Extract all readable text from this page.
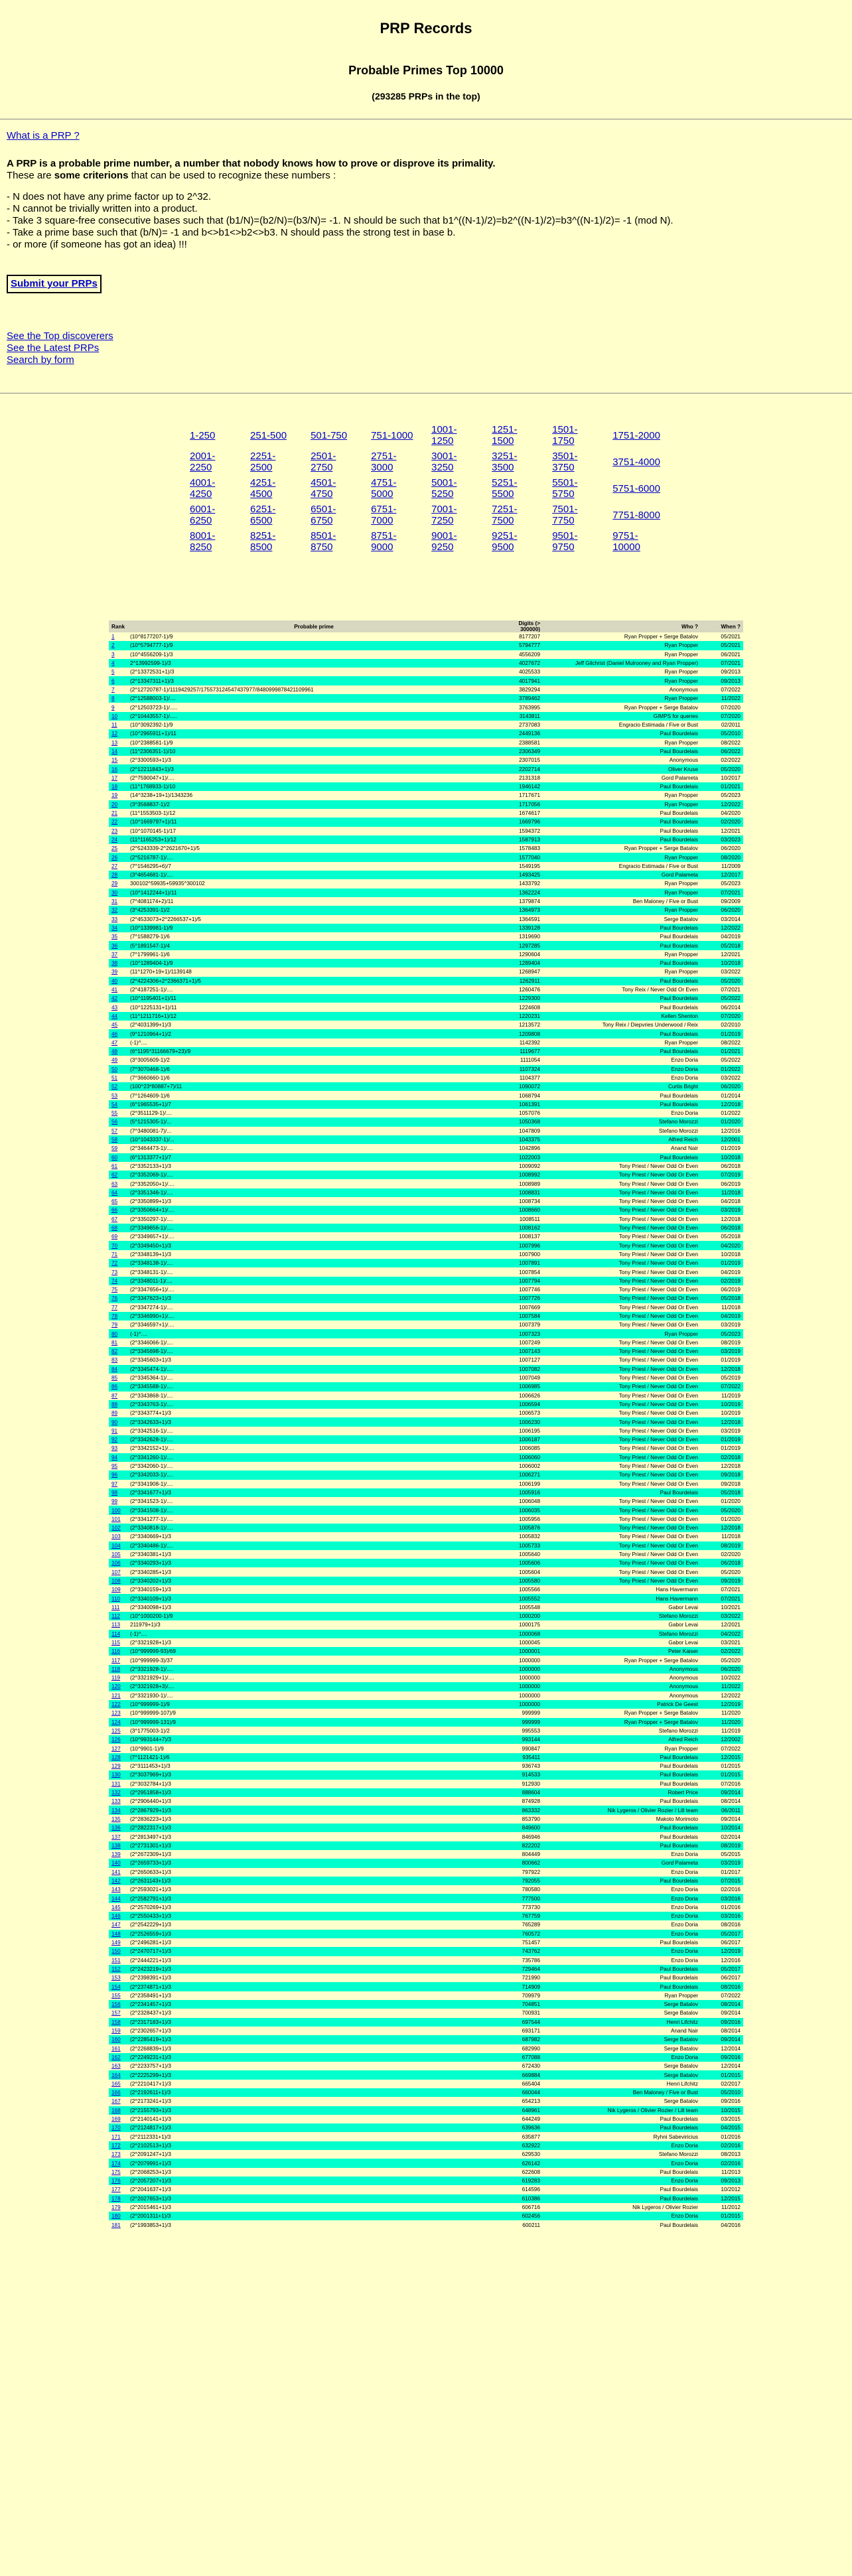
PRP Records
Probable Primes Top 10000
(293285 PRPs in the top)
What is a PRP ?

A PRP is a probable prime number, a number that nobody knows how to prove or disprove its primality.

These are some criterions that can be used to recognize these numbers :

- N does not have any prime factor up to 2^32.
- N cannot be trivially written into a product.
- Take 3 square-free consecutive bases such that (b1/N)=(b2/N)=(b3/N)= -1. N should be such that b1^((N-1)/2)=b2^((N-1)/2)=b3^((N-1)/2)= -1 (mod N).
- Take a prime base such that (b/N)= -1 and b<>b1<>b2<>b3. N should pass the strong test in base b.
- or more (if someone has got an idea) !!!
Submit your PRPs
See the Top discoverers
See the Latest PRPs
Search by form
1-250	251-500	501-750	751-1000	1001-1250	1251-1500	1501-1750	1751-2000
2001-2250	2251-2500	2501-2750	2751-3000	3001-3250	3251-3500	3501-3750	3751-4000
4001-4250	4251-4500	4501-4750	4751-5000	5001-5250	5251-5500	5501-5750	5751-6000
6001-6250	6251-6500	6501-6750	6751-7000	7001-7250	7251-7500	7501-7750	7751-8000
8001-8250	8251-8500	8501-8750	8751-9000	9001-9250	9251-9500	9501-9750	9751-10000
Rank	Probable prime	Digits (> 300000)	Who ?	When ?
1	(10^8177207-1)/9	8177207	Ryan Propper + Serge Batalov	05/2021
2	(10^5794777-1)/9	5794777	Ryan Propper	05/2021
3	(10^4556209-1)/3	4556209	Ryan Propper	06/2021
4	2^13992599-1)/3	4027672	Jeff Gilchrist (Daniel Mulrooney and Ryan Propper)	07/2021
5	(2^13372531+1)/3	4025533	Ryan Propper	09/2013
6	(2^13347311+1)/3	4017941	Ryan Propper	09/2013
7	(2^12720787-1)/1119429257/175573124547437977/8480999878421109961	3829294	Anonymous	07/2022
8	(2^12588003-1)/....	3789462	Ryan Propper	11/2022
9	(2^12503723-1)/.....	3763995	Ryan Propper + Serge Batalov	07/2020
10	(2^10443557-1)/.....	3143811	GIMPS for queries	07/2020
11	(10^3092392-1)/9	2737083	Engracio Estimada / Five or Bust	02/2011
12	(10^2965911+1)/11	2449136	Paul Bourdelais	05/2010
13	(10^2388581-1)/9	2388581	Ryan Propper	08/2022
14	(11^2306351-1)/10	2306349	Paul Bourdelais	06/2022
15	(2^3300593+1)/3	2307015	Anonymous	02/2022
16	(2^12211843+1)/3	2202714	Oliver Kruse	05/2020
17	(2^7590047+1)/....	2131318	Gord Palameta	10/2017
18	(11^1768933-1)/10	1946142	Paul Bourdelais	01/2021
19	(14^3238+19+1)/1343236	1717671	Ryan Propper	05/2023
20	(3^3568837-1)/2	1717056	Ryan Propper	12/2022
21	(11^1553503-1)/12	1674617	Paul Bourdelais	04/2020
22	(10^1669797+1)/11	1669796	Paul Bourdelais	02/2020
23	(10^1070145-1)/17	1594372	Paul Bourdelais	12/2021
24	(11^1165253+1)/12	1587913	Paul Bourdelais	03/2023
25	(2^5243339-2^2621670+1)/5	1578483	Ryan Propper + Serge Batalov	06/2020
26	(2^5216787-1)/....	1577040	Ryan Propper	08/2020
27	(7^1546295+6)/7	1549195	Engracio Estimada / Five or Bust	11/2009
28	(3^4654681-1)/....	1493425	Gord Palameta	12/2017
29	300102^59935+59935^300102	1433792	Ryan Propper	05/2023
30	(10^1412244+1)/11	1362224	Ryan Propper	07/2021
31	(7^4081174+2)/11	1379874	Ben Maloney / Five or Bust	09/2009
32	(3^4253391-1)/2	1364973	Ryan Propper	06/2020
33	(2^4533073+2^2266537+1)/5	1364591	Serge Batalov	03/2014
34	(10^1339981-1)/9	1339128	Paul Bourdelais	12/2022
35	(7^1588279-1)/6	1319690	Paul Bourdelais	04/2019
36	(5^1891547-1)/4	1297285	Paul Bourdelais	05/2018
37	(7^1799961-1)/6	1290604	Ryan Propper	12/2021
38	(10^1289404-1)/9	1289404	Paul Bourdelais	10/2018
39	(11^1270+19+1)/1139148	1268947	Ryan Propper	03/2022
40	(2^4224306+2^2366371+1)/5	1262911	Paul Bourdelais	05/2020
41	(2^4187251-1)/....	1260476	Tony Reix / Never Odd Or Even	07/2021
42	(10^1195401+1)/11	1229300	Paul Bourdelais	05/2022
43	(10^1225131+1)/11	1224608	Paul Bourdelais	06/2014
44	(11^1211716+1)/12	1220231	Kellen Shenton	07/2020
45	(2^4031399+1)/3	1213572	Tony Reix / Diepvries Underwood / Reix	02/2010
46	(9^1210964+1)/2	1209808	Paul Bourdelais	01/2019
47	(-1)^....	1142392	Ryan Propper	08/2022
48	(6^1195*31166679+23)/9	1119677	Paul Bourdelais	01/2021
49	(3^3005609-1)/2	1111054	Enzo Doria	05/2022
50	(7^3070468-1)/6	1107324	Enzo Doria	01/2022
51	(7^3660660-1)/6	1104377	Enzo Doria	03/2022
52	(100^23*80887+7)/11	1090072	Curtis Bright	06/2020
53	(7^1264609-1)/6	1068794	Paul Bourdelais	01/2014
54	(6^1965535+1)/7	1061391	Paul Bourdelais	12/2018
55	(2^3511129-1)/....	1057076	Enzo Doria	01/2022
56	(5^1215305-1)/...	1050368	Stefano Morozzi	01/2020
57	(7^3480081-7)/...	1047809	Stefano Morozzi	12/2016
58	(10^1043337-1)/...	1043375	Alfred Reich	12/2001
59	(2^3464473-1)/....	1042896	Anand Nair	01/2019
60	(6^1313377+1)/7	1022003	Paul Bourdelais	10/2018
61	(2^3352133+1)/3	1009092	Tony Priest / Never Odd Or Even	06/2018
62	(2^3352069-1)/....	1008992	Tony Priest / Never Odd Or Even	07/2019
63	(2^3352050+1)/....	1008989	Tony Priest / Never Odd Or Even	06/2019
64	(2^3351346-1)/....	1008831	Tony Priest / Never Odd Or Even	11/2018
65	(2^3350899+1)/3	1008734	Tony Priest / Never Odd Or Even	04/2018
66	(2^3350664+1)/....	1008660	Tony Priest / Never Odd Or Even	03/2019
67	(2^3350297-1)/....	1008511	Tony Priest / Never Odd Or Even	12/2018
68	(2^3349656-1)/....	1008162	Tony Priest / Never Odd Or Even	06/2018
69	(2^3349657+1)/....	1008137	Tony Priest / Never Odd Or Even	05/2018
70	(2^3349450+1)/3	1007996	Tony Priest / Never Odd Or Even	04/2020
71	(2^3348139+1)/3	1007900	Tony Priest / Never Odd Or Even	10/2018
72	(2^3348138-1)/....	1007891	Tony Priest / Never Odd Or Even	01/2019
73	(2^3348131-1)/....	1007854	Tony Priest / Never Odd Or Even	04/2019
74	(2^3348011-1)/....	1007794	Tony Priest / Never Odd Or Even	02/2019
75	(2^3347656+1)/....	1007746	Tony Priest / Never Odd Or Even	06/2019
76	(2^3347623+1)/3	1007726	Tony Priest / Never Odd Or Even	05/2018
77	(2^3347274-1)/....	1007669	Tony Priest / Never Odd Or Even	11/2018
78	(2^3346990+1)/....	1007584	Tony Priest / Never Odd Or Even	04/2019
79	(2^3346597+1)/....	1007379	Tony Priest / Never Odd Or Even	03/2019
80	(-1)^....	1007323	Ryan Propper	05/2023
81	(2^3346066-1)/....	1007249	Tony Priest / Never Odd Or Even	08/2019
82	(2^3345698-1)/....	1007143	Tony Priest / Never Odd Or Even	03/2019
83	(2^3345603+1)/3	1007127	Tony Priest / Never Odd Or Even	01/2019
84	(2^3345474-1)/....	1007082	Tony Priest / Never Odd Or Even	12/2018
85	(2^3345364-1)/....	1007049	Tony Priest / Never Odd Or Even	05/2019
86	(2^3345588-1)/....	1006985	Tony Priest / Never Odd Or Even	07/2022
87	(2^3343868-1)/....	1006626	Tony Priest / Never Odd Or Even	11/2019
88	(2^3343763-1)/....	1006594	Tony Priest / Never Odd Or Even	10/2019
89	(2^3343774+1)/3	1006573	Tony Priest / Never Odd Or Even	10/2019
90	(2^3342633+1)/3	1006230	Tony Priest / Never Odd Or Even	12/2018
91	(2^3342516-1)/....	1006195	Tony Priest / Never Odd Or Even	03/2019
92	(2^3342628-1)/....	1006187	Tony Priest / Never Odd Or Even	01/2019
93	(2^3342152+1)/....	1006085	Tony Priest / Never Odd Or Even	01/2019
94	(2^3341260-1)/....	1006060	Tony Priest / Never Odd Or Even	02/2018
95	(2^3342060-1)/....	1006002	Tony Priest / Never Odd Or Even	12/2018
96	(2^3342033-1)/....	1006271	Tony Priest / Never Odd Or Even	09/2018
97	(2^3341908-1)/....	1006199	Tony Priest / Never Odd Or Even	09/2018
98	(2^3341677+1)/3	1005916	Paul Bourdelais	05/2018
99	(2^3341523-1)/....	1006048	Tony Priest / Never Odd Or Even	01/2020
100	(2^3341508-1)/....	1006035	Tony Priest / Never Odd Or Even	05/2020
101	(2^3341277-1)/....	1005956	Tony Priest / Never Odd Or Even	01/2020
102	(2^3340818-1)/....	1005876	Tony Priest / Never Odd Or Even	12/2018
103	(2^3340669+1)/3	1005832	Tony Priest / Never Odd Or Even	11/2018
104	(2^3340486-1)/....	1005733	Tony Priest / Never Odd Or Even	08/2019
105	(2^3340381+1)/3	1005640	Tony Priest / Never Odd Or Even	02/2020
106	(2^3340293+1)/3	1005606	Tony Priest / Never Odd Or Even	06/2018
107	(2^3340285+1)/3	1005604	Tony Priest / Never Odd Or Even	05/2020
108	(2^3340202+1)/3	1005580	Tony Priest / Never Odd Or Even	09/2019
109	(2^3340159+1)/3	1005566	Hans Havermann	07/2021
110	(2^3340109+1)/3	1005552	Hans Havermann	07/2021
111	(2^3340098+1)/3	1005548	Gabor Levai	10/2021
112	(10^1000200-1)/9	1000200	Stefano Morozzi	03/2022
113	211979+1)/3	1000175	Gabor Levai	12/2021
114	(-1)^....	1000068	Stefano Morozzi	04/2022
115	(2^3321928+1)/3	1000045	Gabor Levai	03/2021
116	(10^999999-93)/69	1000001	Peter Kaiser	02/2022
117	(10^999999-3)/37	1000000	Ryan Propper + Serge Batalov	05/2020
118	(2^3321928-1)/....	1000000	Anonymous	06/2020
119	(2^3321929+1)/....	1000000	Anonymous	10/2022
120	(2^3321928+3)/....	1000000	Anonymous	11/2022
121	(2^3321930-1)/....	1000000	Anonymous	12/2022
122	(10^999999-1)/9	1000000	Patrick De Geest	12/2019
123	(10^999999-107)/9	999999	Ryan Propper + Serge Batalov	11/2020
124	(10^999999-131)/9	999999	Ryan Propper + Serge Batalov	11/2020
125	(3^1775003-1)/2	995553	Stefano Morozzi	11/2019
126	(10^993144+7)/3	993144	Alfred Reich	12/2002
127	(10^9901-1)/9	990847	Ryan Propper	07/2022
128	(7^1121421-1)/6	935411	Paul Bourdelais	12/2015
129	(2^3111453+1)/3	936743	Paul Bourdelais	01/2015
130	(2^3037969+1)/3	914533	Paul Bourdelais	01/2015
131	(2^3032784+1)/3	912930	Paul Bourdelais	07/2016
132	(2^2951858+1)/3	888604	Robert Price	09/2014
133	(2^2906440+1)/3	874928	Paul Bourdelais	08/2014
134	(2^2867929+1)/3	863332	Nik Lygeros / Olivier Rozier / Lill team	06/2011
135	(2^2836223+1)/3	853790	Makoto Morimoto	09/2014
136	(2^2822317+1)/3	849600	Paul Bourdelais	10/2014
137	(2^2813497+1)/3	846946	Paul Bourdelais	02/2014
138	(2^2731301+1)/3	822202	Paul Bourdelais	08/2019
139	(2^2672309+1)/3	804449	Enzo Doria	05/2015
140	(2^2659733+1)/3	800662	Gord Palameta	03/2019
141	(2^2650633+1)/3	797922	Enzo Doria	01/2017
142	(2^2631143+1)/3	792055	Paul Bourdelais	07/2015
143	(2^2593021+1)/3	780580	Enzo Doria	02/2016
144	(2^2582791+1)/3	777500	Enzo Doria	03/2016
145	(2^2570269+1)/3	773730	Enzo Doria	01/2016
146	(2^2550433+1)/3	767759	Enzo Doria	03/2016
147	(2^2542229+1)/3	765289	Enzo Doria	08/2016
148	(2^2526559+1)/3	760572	Enzo Doria	05/2017
149	(2^2496281+1)/3	751457	Paul Bourdelais	06/2017
150	(2^2470717+1)/3	743762	Enzo Doria	12/2019
151	(2^2444221+1)/3	735786	Enzo Doria	12/2016
152	(2^2423219+1)/3	729464	Paul Bourdelais	05/2017
153	(2^2398391+1)/3	721990	Paul Bourdelais	06/2017
154	(2^2374871+1)/3	714909	Paul Bourdelais	08/2016
155	(2^2358491+1)/3	709979	Ryan Propper	07/2022
156	(2^2341457+1)/3	704851	Serge Batalov	08/2014
157	(2^2328437+1)/3	700931	Serge Batalov	09/2014
158	(2^2317183+1)/3	697544	Henri Lifchitz	09/2016
159	(2^2302657+1)/3	693171	Anand Nair	08/2014
160	(2^2285419+1)/3	687982	Serge Batalov	09/2014
161	(2^2268839+1)/3	682990	Serge Batalov	12/2014
162	(2^2249231+1)/3	677088	Enzo Doria	09/2016
163	(2^2233757+1)/3	672430	Serge Batalov	12/2014
164	(2^2225299+1)/3	669884	Serge Batalov	01/2015
165	(2^2210417+1)/3	665404	Henri Lifchitz	02/2017
166	(2^2192611+1)/3	660044	Ben Maloney / Five or Bust	05/2010
167	(2^2173241+1)/3	654213	Serge Batalov	09/2016
168	(2^2155793+1)/3	648961	Nik Lygeros / Olivier Rozier / Lill team	10/2015
169	(2^2140141+1)/3	644249	Paul Bourdelais	03/2015
170	(2^2124817+1)/3	639636	Paul Bourdelais	04/2015
171	(2^2112331+1)/3	635877	Ryhni Sabeviricius	01/2016
172	(2^2102513+1)/3	632922	Enzo Doria	02/2016
173	(2^2091247+1)/3	629530	Stefano Morozzi	08/2013
174	(2^2079991+1)/3	626142	Enzo Doria	02/2016
175	(2^2068253+1)/3	622608	Paul Bourdelais	11/2013
176	(2^2057207+1)/3	619283	Enzo Doria	09/2013
177	(2^2041637+1)/3	614596	Paul Bourdelais	10/2012
178	(2^2027653+1)/3	610386	Paul Bourdelais	12/2015
179	(2^2015461+1)/3	606716	Nik Lygeros / Olivier Rozier	11/2012
180	(2^2001311+1)/3	602456	Enzo Doria	01/2015
181	(2^1993853+1)/3	600211	Paul Bourdelais	04/2016
